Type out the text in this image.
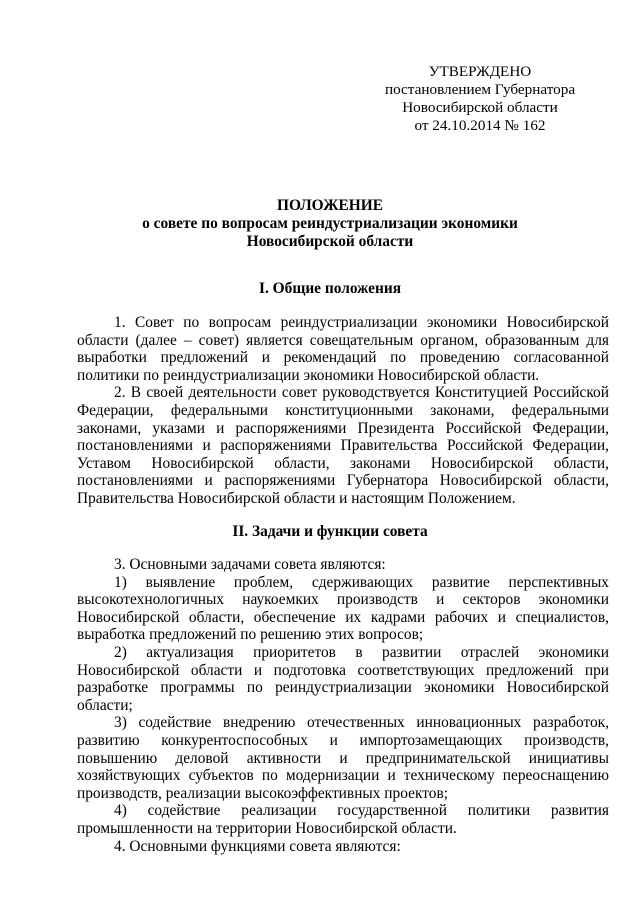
УТВЕРЖДЕНО
постановлением Губернатора
Новосибирской области
от 24.10.2014 № 162
ПОЛОЖЕНИЕ
о совете по вопросам реиндустриализации экономики
Новосибирской области
I. Общие положения

1. Совет по вопросам реиндустриализации экономики Новосибирской области (далее – совет) является совещательным органом, образованным для выработки предложений и рекомендаций по проведению согласованной политики по реиндустриализации экономики Новосибирской области.

2. В своей деятельности совет руководствуется Конституцией Российской Федерации, федеральными конституционными законами, федеральными законами, указами и распоряжениями Президента Российской Федерации, постановлениями и распоряжениями Правительства Российской Федерации, Уставом Новосибирской области, законами Новосибирской области, постановлениями и распоряжениями Губернатора Новосибирской области, Правительства Новосибирской области и настоящим Положением.

II. Задачи и функции совета

3. Основными задачами совета являются:

1) выявление проблем, сдерживающих развитие перспективных высокотехнологичных наукоемких производств и секторов экономики Новосибирской области, обеспечение их кадрами рабочих и специалистов, выработка предложений по решению этих вопросов;

2) актуализация приоритетов в развитии отраслей экономики Новосибирской области и подготовка соответствующих предложений при разработке программы по реиндустриализации экономики Новосибирской области;

3) содействие внедрению отечественных инновационных разработок, развитию конкурентоспособных и импортозамещающих производств, повышению деловой активности и предпринимательской инициативы хозяйствующих субъектов по модернизации и техническому переоснащению производств, реализации высокоэффективных проектов;

4) содействие реализации государственной политики развития промышленности на территории Новосибирской области.

4. Основными функциями совета являются:
